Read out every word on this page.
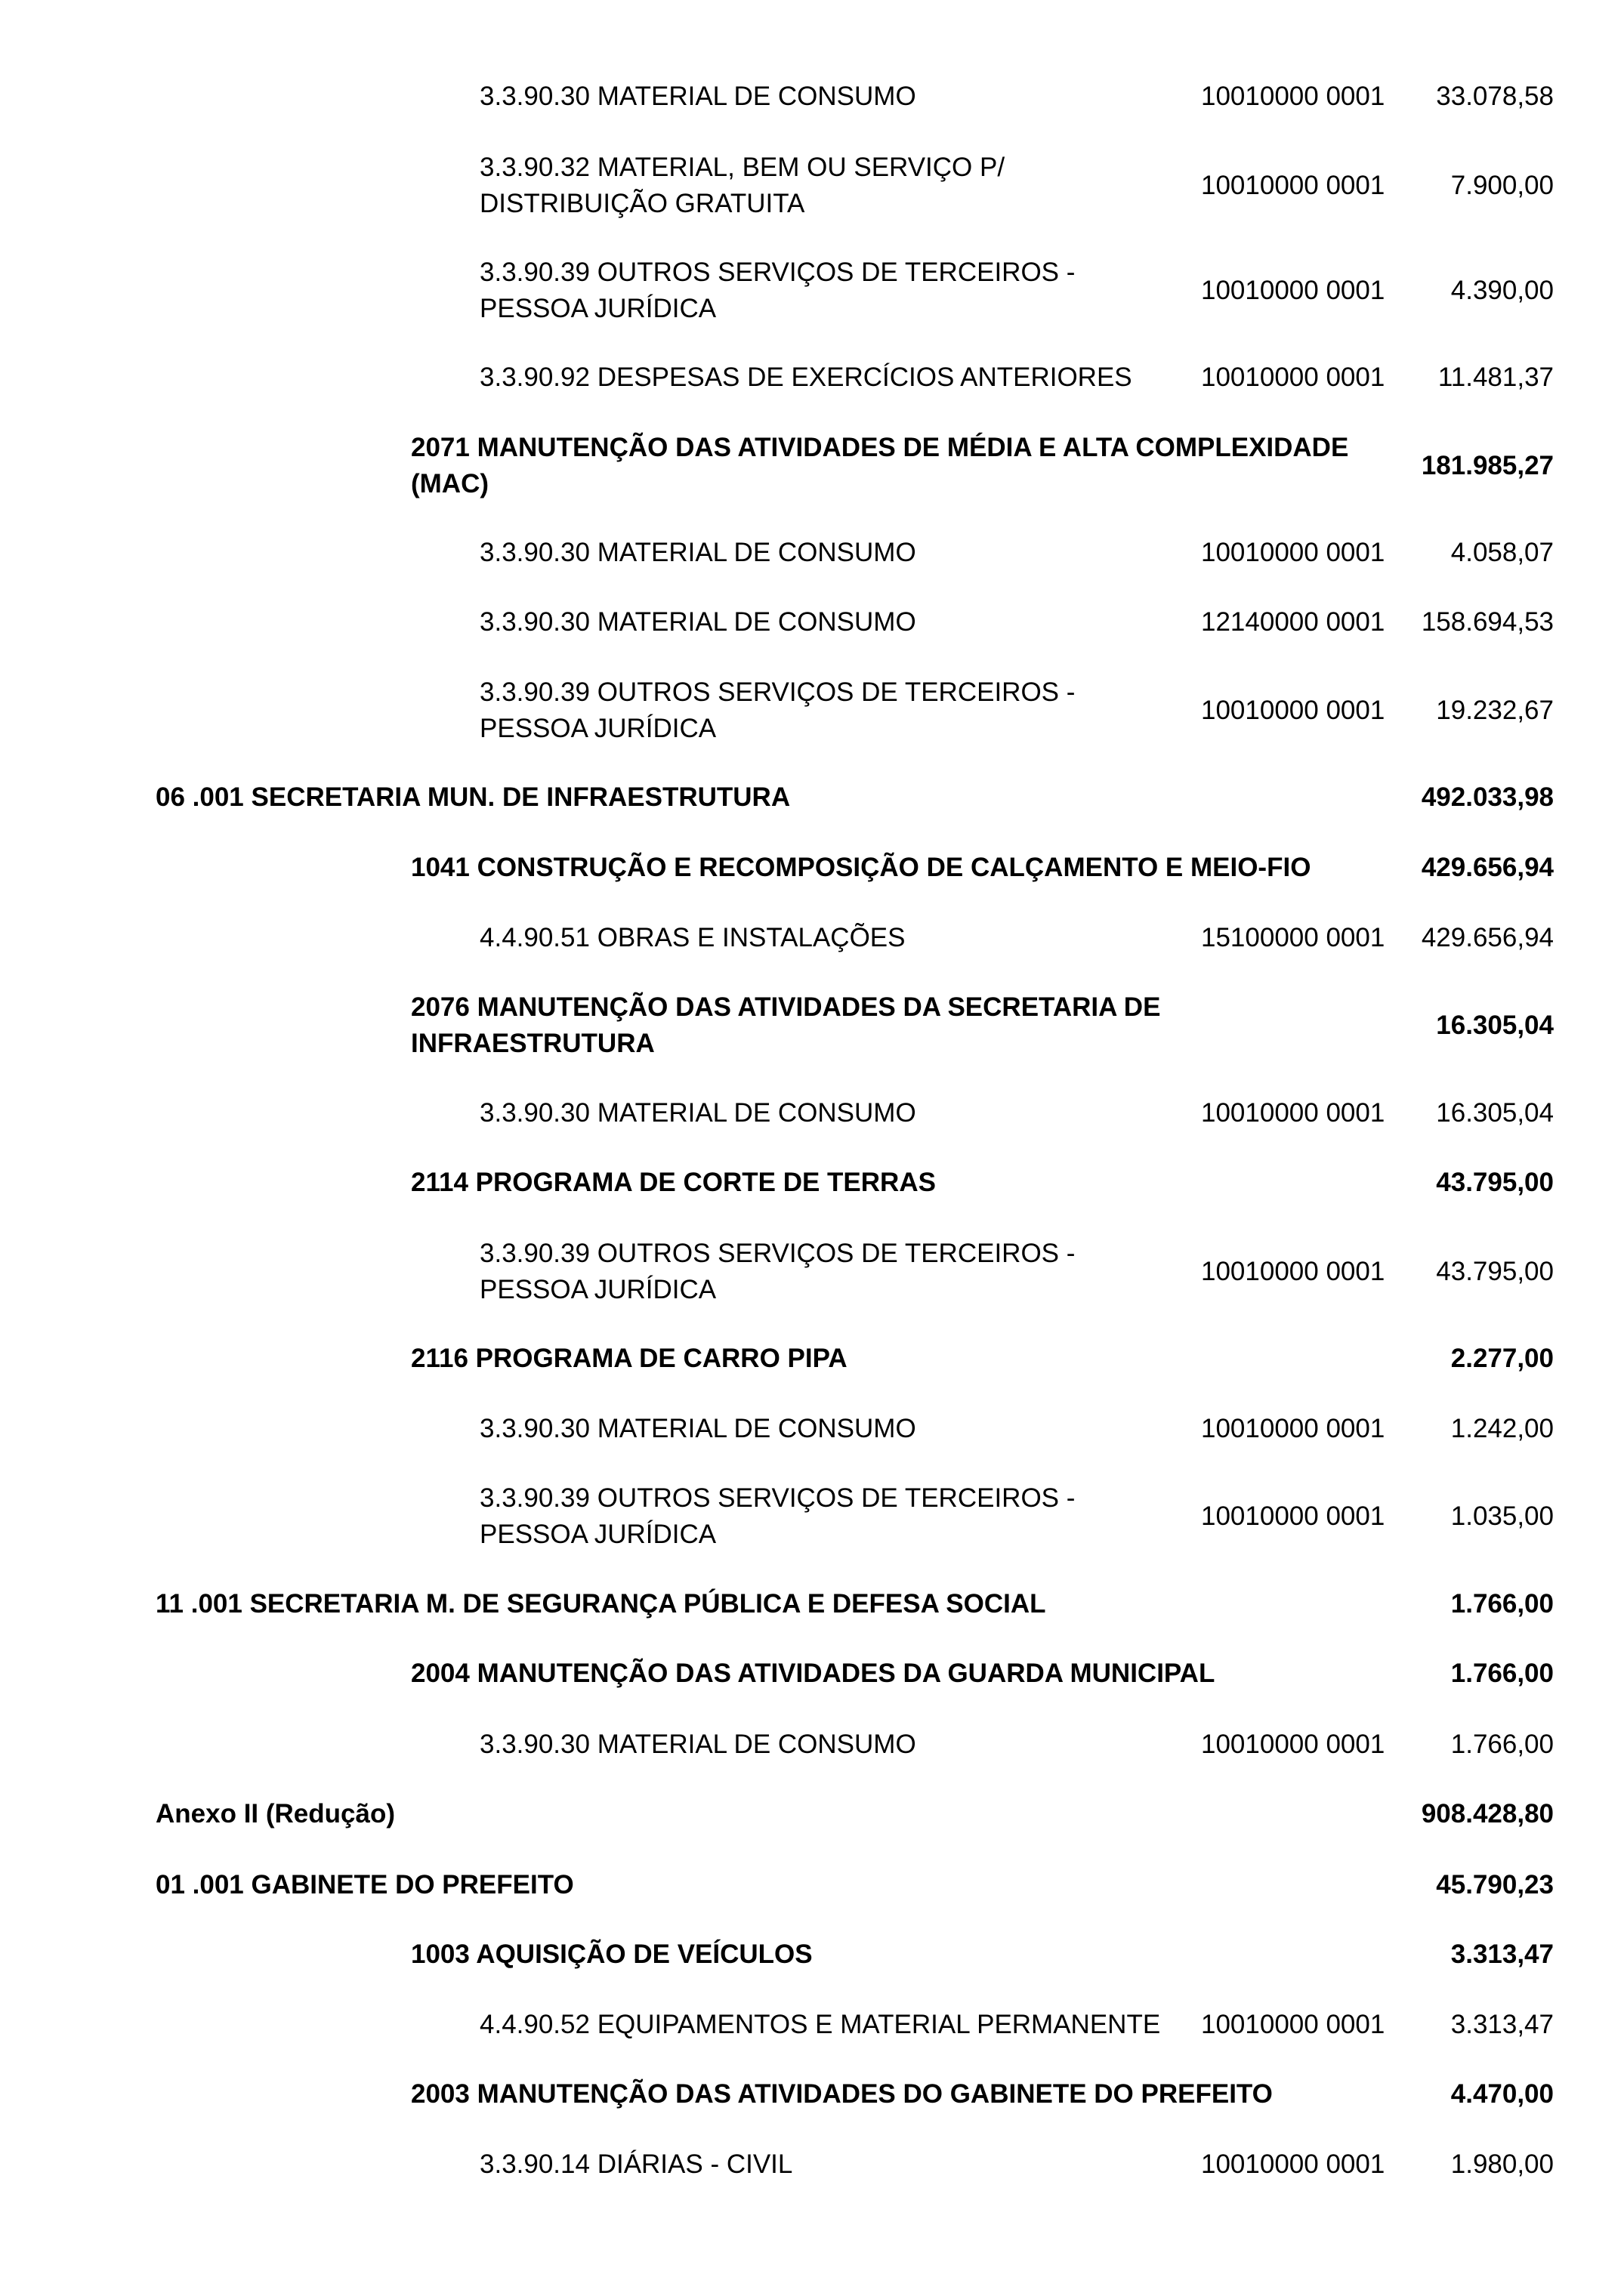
3.3.90.30 MATERIAL DE CONSUMO	10010000 0001 33.078,58
3.3.90.32 MATERIAL, BEM OU SERVIÇO P/ DISTRIBUIÇÃO GRATUITA
10010000 0001 7.900,00
3.3.90.39 OUTROS SERVIÇOS DE TERCEIROS - PESSOA JURÍDICA
10010000 0001 4.390,00
3.3.90.92 DESPESAS DE EXERCÍCIOS ANTERIORES	10010000 0001 11.481,37
2071 MANUTENÇÃO DAS ATIVIDADES DE MÉDIA E ALTA COMPLEXIDADE (MAC)
181.985,27
3.3.90.30 MATERIAL DE CONSUMO	10010000 0001 4.058,07
3.3.90.30 MATERIAL DE CONSUMO	12140000 0001 158.694,53
3.3.90.39 OUTROS SERVIÇOS DE TERCEIROS - PESSOA JURÍDICA
10010000 0001 19.232,67
06 .001 SECRETARIA MUN. DE INFRAESTRUTURA	492.033,98
1041 CONSTRUÇÃO E RECOMPOSIÇÃO DE CALÇAMENTO E MEIO-FIO	429.656,94
4.4.90.51 OBRAS E INSTALAÇÕES	15100000 0001 429.656,94
2076 MANUTENÇÃO DAS ATIVIDADES DA SECRETARIA DE INFRAESTRUTURA
16.305,04
3.3.90.30 MATERIAL DE CONSUMO	10010000 0001 16.305,04
2114 PROGRAMA DE CORTE DE TERRAS	43.795,00
3.3.90.39 OUTROS SERVIÇOS DE TERCEIROS - PESSOA JURÍDICA
10010000 0001 43.795,00
2116 PROGRAMA DE CARRO PIPA	2.277,00
3.3.90.30 MATERIAL DE CONSUMO	10010000 0001 1.242,00
3.3.90.39 OUTROS SERVIÇOS DE TERCEIROS - PESSOA JURÍDICA
10010000 0001 1.035,00
11 .001 SECRETARIA M. DE SEGURANÇA PÚBLICA E DEFESA SOCIAL	1.766,00
2004 MANUTENÇÃO DAS ATIVIDADES DA GUARDA MUNICIPAL	1.766,00
3.3.90.30 MATERIAL DE CONSUMO	10010000 0001 1.766,00
Anexo II (Redução)	908.428,80
01 .001 GABINETE DO PREFEITO	45.790,23
1003 AQUISIÇÃO DE VEÍCULOS	3.313,47
4.4.90.52 EQUIPAMENTOS E MATERIAL PERMANENTE 10010000 0001 3.313,47
2003 MANUTENÇÃO DAS ATIVIDADES DO GABINETE DO PREFEITO	4.470,00
3.3.90.14 DIÁRIAS - CIVIL	10010000 0001 1.980,00
